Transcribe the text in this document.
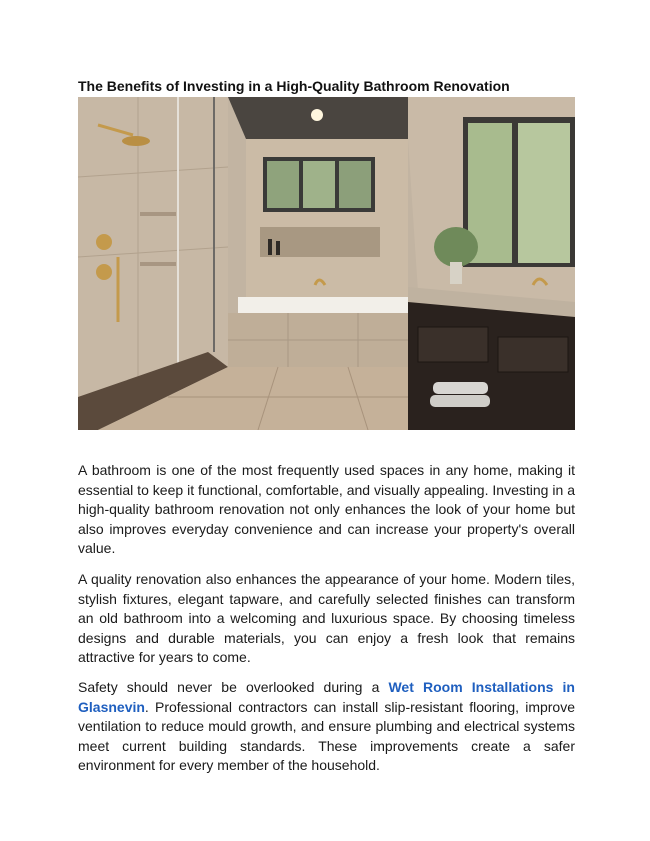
The Benefits of Investing in a High-Quality Bathroom Renovation

A bathroom is one of the most frequently used spaces in any home, making it essential to keep it functional, comfortable, and visually appealing. Investing in a high-quality bathroom renovation not only enhances the look of your home but also improves everyday convenience and can increase your property's overall value.

A quality renovation also enhances the appearance of your home. Modern tiles, stylish fixtures, elegant tapware, and carefully selected finishes can transform an old bathroom into a welcoming and luxurious space. By choosing timeless designs and durable materials, you can enjoy a fresh look that remains attractive for years to come.

Safety should never be overlooked during a Wet Room Installations in Glasnevin. Professional contractors can install slip-resistant flooring, improve ventilation to reduce mould growth, and ensure plumbing and electrical systems meet current building standards. These improvements create a safer environment for every member of the household.
